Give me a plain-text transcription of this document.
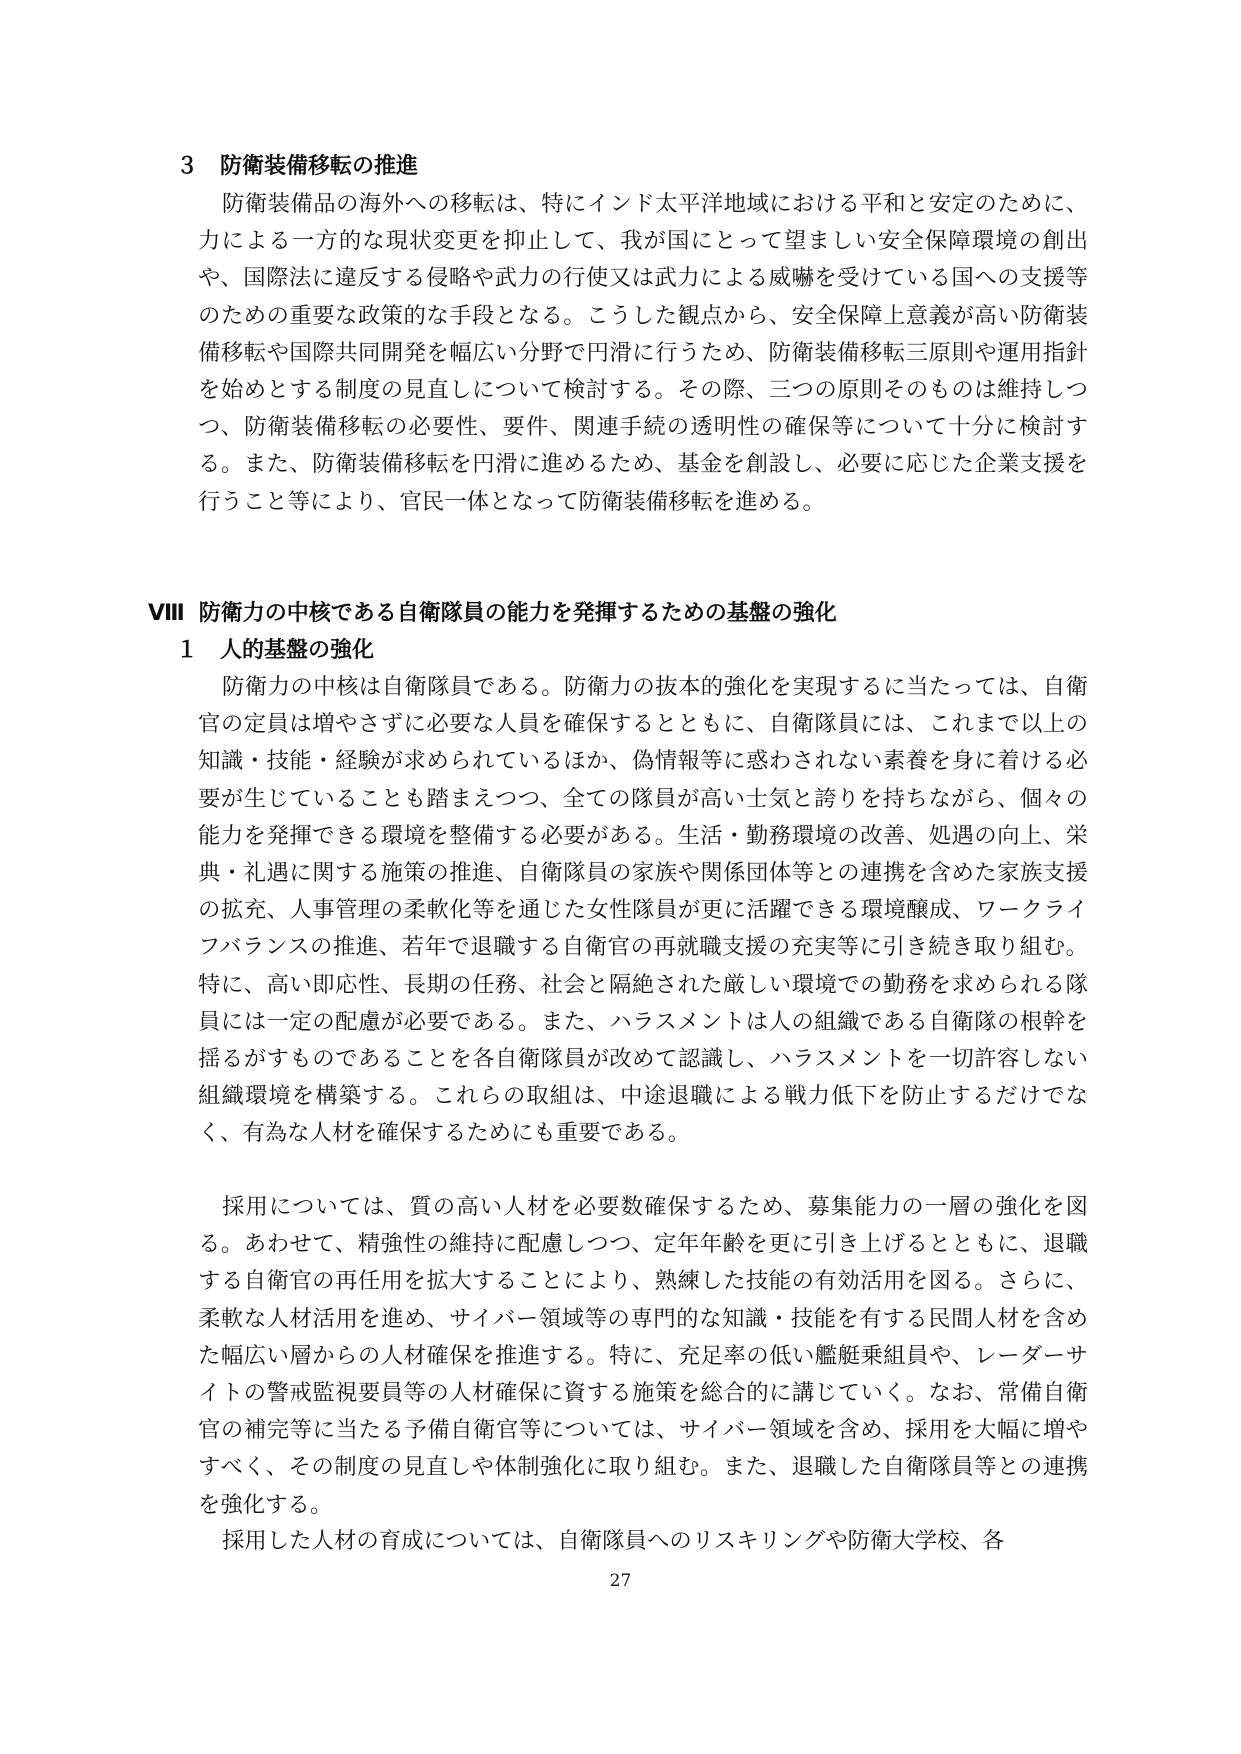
３ 防衛装備移転の推進

防衛装備品の海外への移転は、特にインド太平洋地域における平和と安定のために、力による一方的な現状変更を抑止して、我が国にとって望ましい安全保障環境の創出や、国際法に違反する侵略や武力の行使又は武力による威嚇を受けている国への支援等のための重要な政策的な手段となる。こうした観点から、安全保障上意義が高い防衛装備移転や国際共同開発を幅広い分野で円滑に行うため、防衛装備移転三原則や運用指針を始めとする制度の見直しについて検討する。その際、三つの原則そのものは維持しつつ、防衛装備移転の必要性、要件、関連手続の透明性の確保等について十分に検討する。また、防衛装備移転を円滑に進めるため、基金を創設し、必要に応じた企業支援を行うこと等により、官民一体となって防衛装備移転を進める。

Ⅷ 防衛力の中核である自衛隊員の能力を発揮するための基盤の強化
１ 人的基盤の強化

防衛力の中核は自衛隊員である。防衛力の抜本的強化を実現するに当たっては、自衛官の定員は増やさずに必要な人員を確保するとともに、自衛隊員には、これまで以上の知識・技能・経験が求められているほか、偽情報等に惑わされない素養を身に着ける必要が生じていることも踏まえつつ、全ての隊員が高い士気と誇りを持ちながら、個々の能力を発揮できる環境を整備する必要がある。生活・勤務環境の改善、処遇の向上、栄典・礼遇に関する施策の推進、自衛隊員の家族や関係団体等との連携を含めた家族支援の拡充、人事管理の柔軟化等を通じた女性隊員が更に活躍できる環境醸成、ワークライフバランスの推進、若年で退職する自衛官の再就職支援の充実等に引き続き取り組む。特に、高い即応性、長期の任務、社会と隔絶された厳しい環境での勤務を求められる隊員には一定の配慮が必要である。また、ハラスメントは人の組織である自衛隊の根幹を揺るがすものであることを各自衛隊員が改めて認識し、ハラスメントを一切許容しない組織環境を構築する。これらの取組は、中途退職による戦力低下を防止するだけでなく、有為な人材を確保するためにも重要である。

採用については、質の高い人材を必要数確保するため、募集能力の一層の強化を図る。あわせて、精強性の維持に配慮しつつ、定年年齢を更に引き上げるとともに、退職する自衛官の再任用を拡大することにより、熟練した技能の有効活用を図る。さらに、柔軟な人材活用を進め、サイバー領域等の専門的な知識・技能を有する民間人材を含めた幅広い層からの人材確保を推進する。特に、充足率の低い艦艇乗組員や、レーダーサイトの警戒監視要員等の人材確保に資する施策を総合的に講じていく。なお、常備自衛官の補完等に当たる予備自衛官等については、サイバー領域を含め、採用を大幅に増やすべく、その制度の見直しや体制強化に取り組む。また、退職した自衛隊員等との連携を強化する。

採用した人材の育成については、自衛隊員へのリスキリングや防衛大学校、各

27
